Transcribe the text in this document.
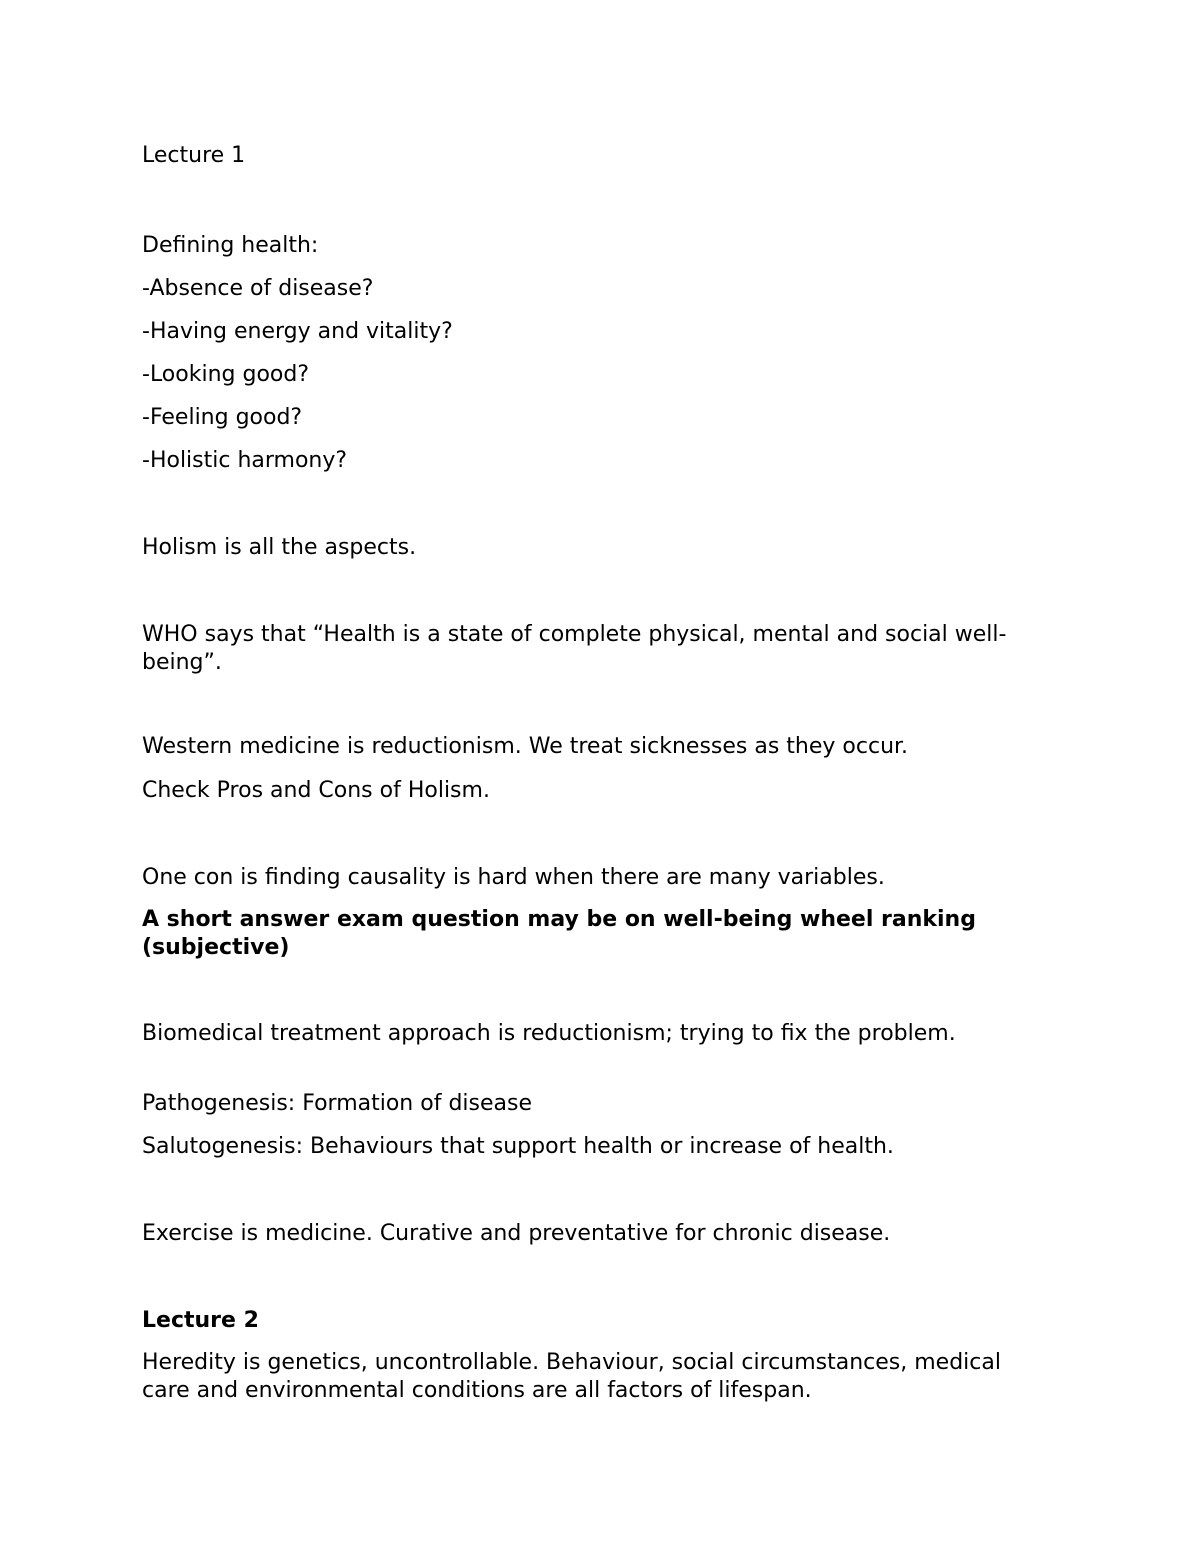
Lecture 1

Defining health:

-Absence of disease?

-Having energy and vitality?

-Looking good?

-Feeling good?

-Holistic harmony?

Holism is all the aspects.

WHO says that “Health is a state of complete physical, mental and social well-being”.

Western medicine is reductionism. We treat sicknesses as they occur.

Check Pros and Cons of Holism.

One con is finding causality is hard when there are many variables.

A short answer exam question may be on well-being wheel ranking (subjective)

Biomedical treatment approach is reductionism; trying to fix the problem.

Pathogenesis: Formation of disease

Salutogenesis: Behaviours that support health or increase of health.

Exercise is medicine. Curative and preventative for chronic disease.

Lecture 2

Heredity is genetics, uncontrollable. Behaviour, social circumstances, medical care and environmental conditions are all factors of lifespan.
